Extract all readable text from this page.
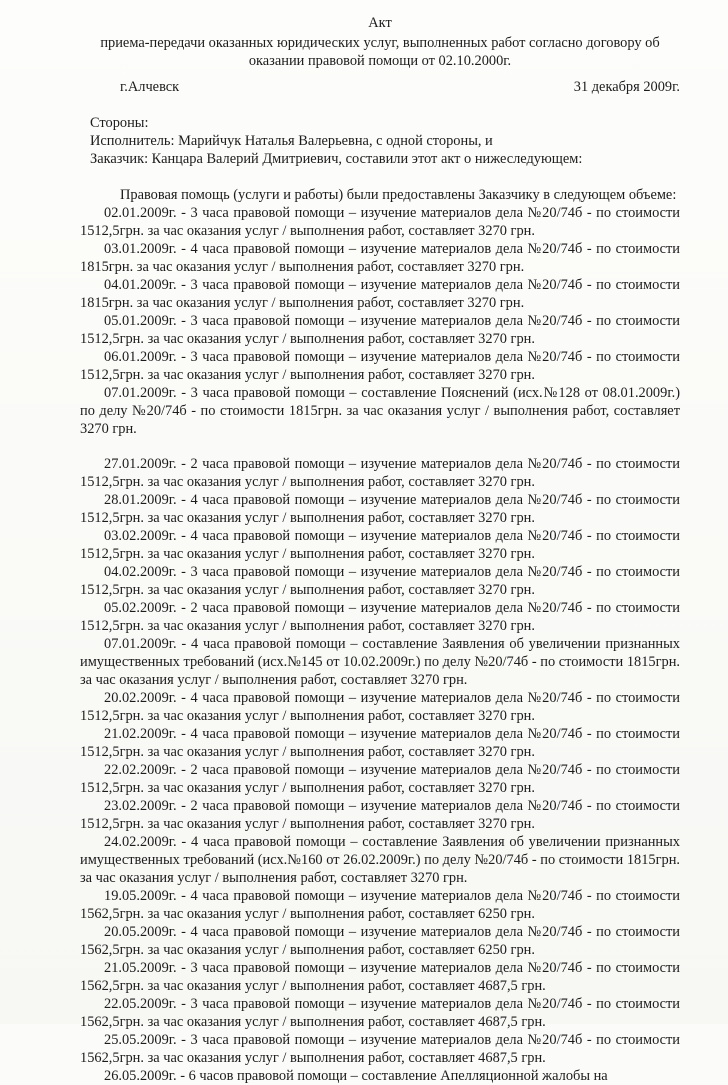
Акт

приема-передачи оказанных юридических услуг, выполненных работ согласно договору об оказании правовой помощи от 02.10.2000г.

г.Алчевск	31 декабря 2009г.
Стороны:
Исполнитель: Марийчук Наталья Валерьевна, с одной стороны, и
Заказчик: Канцара Валерий Дмитриевич, составили этот акт о нижеследующем:
Правовая помощь (услуги и работы) были предоставлены Заказчику в следующем объеме:

02.01.2009г. - 3 часа правовой помощи – изучение материалов дела №20/74б - по стоимости 1512,5грн. за час оказания услуг / выполнения работ, составляет 3270 грн.

03.01.2009г. - 4 часа правовой помощи – изучение материалов дела №20/74б - по стоимости 1815грн. за час оказания услуг / выполнения работ, составляет 3270 грн.

04.01.2009г. - 3 часа правовой помощи – изучение материалов дела №20/74б - по стоимости 1815грн. за час оказания услуг / выполнения работ, составляет 3270 грн.

05.01.2009г. - 3 часа правовой помощи – изучение материалов дела №20/74б - по стоимости 1512,5грн. за час оказания услуг / выполнения работ, составляет 3270 грн.

06.01.2009г. - 3 часа правовой помощи – изучение материалов дела №20/74б - по стоимости 1512,5грн. за час оказания услуг / выполнения работ, составляет 3270 грн.

07.01.2009г. - 3 часа правовой помощи – составление Пояснений (исх.№128 от 08.01.2009г.) по делу №20/74б - по стоимости 1815грн. за час оказания услуг / выполнения работ, составляет 3270 грн.

27.01.2009г. - 2 часа правовой помощи – изучение материалов дела №20/74б - по стоимости 1512,5грн. за час оказания услуг / выполнения работ, составляет 3270 грн.

28.01.2009г. - 4 часа правовой помощи – изучение материалов дела №20/74б - по стоимости 1512,5грн. за час оказания услуг / выполнения работ, составляет 3270 грн.

03.02.2009г. - 4 часа правовой помощи – изучение материалов дела №20/74б - по стоимости 1512,5грн. за час оказания услуг / выполнения работ, составляет 3270 грн.

04.02.2009г. - 3 часа правовой помощи – изучение материалов дела №20/74б - по стоимости 1512,5грн. за час оказания услуг / выполнения работ, составляет 3270 грн.

05.02.2009г. - 2 часа правовой помощи – изучение материалов дела №20/74б - по стоимости 1512,5грн. за час оказания услуг / выполнения работ, составляет 3270 грн.

07.01.2009г. - 4 часа правовой помощи – составление Заявления об увеличении признанных имущественных требований (исх.№145 от 10.02.2009г.) по делу №20/74б - по стоимости 1815грн. за час оказания услуг / выполнения работ, составляет 3270 грн.

20.02.2009г. - 4 часа правовой помощи – изучение материалов дела №20/74б - по стоимости 1512,5грн. за час оказания услуг / выполнения работ, составляет 3270 грн.

21.02.2009г. - 4 часа правовой помощи – изучение материалов дела №20/74б - по стоимости 1512,5грн. за час оказания услуг / выполнения работ, составляет 3270 грн.

22.02.2009г. - 2 часа правовой помощи – изучение материалов дела №20/74б - по стоимости 1512,5грн. за час оказания услуг / выполнения работ, составляет 3270 грн.

23.02.2009г. - 2 часа правовой помощи – изучение материалов дела №20/74б - по стоимости 1512,5грн. за час оказания услуг / выполнения работ, составляет 3270 грн.

24.02.2009г. - 4 часа правовой помощи – составление Заявления об увеличении признанных имущественных требований (исх.№160 от 26.02.2009г.) по делу №20/74б - по стоимости 1815грн. за час оказания услуг / выполнения работ, составляет 3270 грн.

19.05.2009г. - 4 часа правовой помощи – изучение материалов дела №20/74б - по стоимости 1562,5грн. за час оказания услуг / выполнения работ, составляет 6250 грн.

20.05.2009г. - 4 часа правовой помощи – изучение материалов дела №20/74б - по стоимости 1562,5грн. за час оказания услуг / выполнения работ, составляет 6250 грн.

21.05.2009г. - 3 часа правовой помощи – изучение материалов дела №20/74б - по стоимости 1562,5грн. за час оказания услуг / выполнения работ, составляет 4687,5 грн.

22.05.2009г. - 3 часа правовой помощи – изучение материалов дела №20/74б - по стоимости 1562,5грн. за час оказания услуг / выполнения работ, составляет 4687,5 грн.

25.05.2009г. - 3 часа правовой помощи – изучение материалов дела №20/74б - по стоимости 1562,5грн. за час оказания услуг / выполнения работ, составляет 4687,5 грн.

26.05.2009г. - 6 часов правовой помощи – составление Апелляционной жалобы на
